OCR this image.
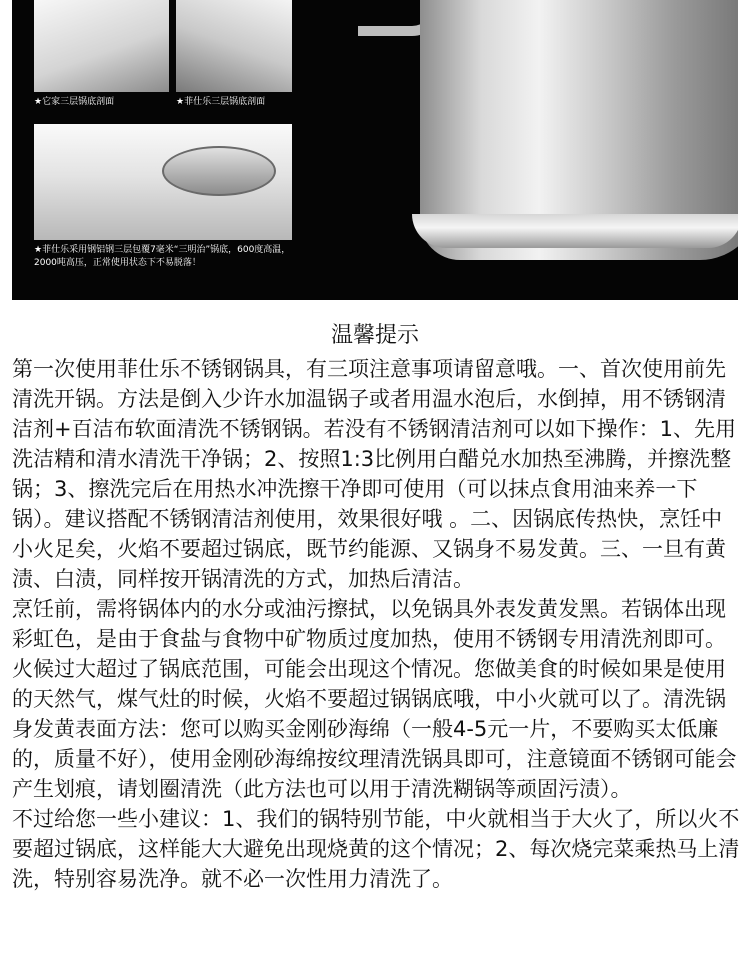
★它家三层锅底剖面	★菲仕乐三层锅底剖面
★菲仕乐采用钢铝钢三层包覆7毫米“三明治”锅底，600度高温，2000吨高压，正常使用状态下不易脱落！
温馨提示

第一次使用菲仕乐不锈钢锅具，有三项注意事项请留意哦。一、首次使用前先清洗开锅。方法是倒入少许水加温锅子或者用温水泡后，水倒掉，用不锈钢清洁剂+百洁布软面清洗不锈钢锅。若没有不锈钢清洁剂可以如下操作：1、先用洗洁精和清水清洗干净锅；2、按照1:3比例用白醋兑水加热至沸腾，并擦洗整锅；3、擦洗完后在用热水冲洗擦干净即可使用（可以抹点食用油来养一下锅）。建议搭配不锈钢清洁剂使用，效果很好哦 。二、因锅底传热快，烹饪中小火足矣，火焰不要超过锅底，既节约能源、又锅身不易发黄。三、一旦有黄渍、白渍，同样按开锅清洗的方式，加热后清洁。

烹饪前，需将锅体内的水分或油污擦拭，以免锅具外表发黄发黑。若锅体出现彩虹色，是由于食盐与食物中矿物质过度加热，使用不锈钢专用清洗剂即可。火候过大超过了锅底范围，可能会出现这个情况。您做美食的时候如果是使用的天然气，煤气灶的时候，火焰不要超过锅锅底哦，中小火就可以了。清洗锅身发黄表面方法：您可以购买金刚砂海绵（一般4-5元一片，不要购买太低廉的，质量不好），使用金刚砂海绵按纹理清洗锅具即可，注意镜面不锈钢可能会产生划痕，请划圈清洗（此方法也可以用于清洗糊锅等顽固污渍）。

不过给您一些小建议：1、我们的锅特别节能，中火就相当于大火了，所以火不要超过锅底，这样能大大避免出现烧黄的这个情况；2、每次烧完菜乘热马上清洗，特别容易洗净。就不必一次性用力清洗了。
